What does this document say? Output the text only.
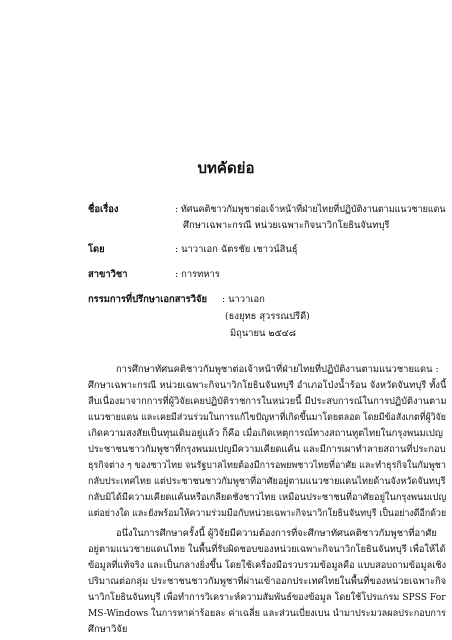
บทคัดย่อ
ชื่อเรื่อง	: ทัศนคติชาวกัมพูชาต่อเจ้าหน้าที่ฝ่ายไทยที่ปฏิบัติงานตามแนวชายแดน
ศึกษาเฉพาะกรณี หน่วยเฉพาะกิจนาวิกโยธินจันทบุรี
โดย	: นาวาเอก ฉัตรชัย เชาวน์สินธุ์
สาขาวิชา	: การทหาร
กรรมการที่ปรึกษาเอกสารวิจัย : นาวาเอก
(ธงยุทธ สุวรรณปรีดี)
มิถุนายน ๒๕๔๘
การศึกษาทัศนคติชาวกัมพูชาต่อเจ้าหน้าที่ฝ่ายไทยที่ปฏิบัติงานตามแนวชายแดน :
ศึกษาเฉพาะกรณี หน่วยเฉพาะกิจนาวิกโยธินจันทบุรี อำเภอโป่งน้ำร้อน จังหวัดจันทบุรี ทั้งนี้
สืบเนื่องมาจากการที่ผู้วิจัยเคยปฏิบัติราชการในหน่วยนี้ มีประสบการณ์ในการปฏิบัติงานตาม
แนวชายแดน และเคยมีส่วนร่วมในการแก้ไขปัญหาที่เกิดขึ้นมาโดยตลอด โดยมีข้อสังเกตที่ผู้วิจัย
เกิดความสงสัยเป็นทุนเดิมอยู่แล้ว ก็คือ เมื่อเกิดเหตุการณ์ทางสถานทูตไทยในกรุงพนมเปญ
ประชาชนชาวกัมพูชาที่กรุงพนมเปญมีความเคียดแค้น และมีการเผาทำลายสถานที่ประกอบ
ธุรกิจต่าง ๆ ของชาวไทย จนรัฐบาลไทยต้องมีการอพยพชาวไทยที่อาศัย และทำธุรกิจในกัมพูชา
กลับประเทศไทย แต่ประชาชนชาวกัมพูชาที่อาศัยอยู่ตามแนวชายแดนไทยด้านจังหวัดจันทบุรี
กลับมิได้มีความเคียดแค้นหรือเกลียดชังชาวไทย เหมือนประชาชนที่อาศัยอยู่ในกรุงพนมเปญ
แต่อย่างใด และยังพร้อมให้ความร่วมมือกับหน่วยเฉพาะกิจนาวิกโยธินจันทบุรี เป็นอย่างดีอีกด้วย
อนึ่งในการศึกษาครั้งนี้ ผู้วิจัยมีความต้องการที่จะศึกษาทัศนคติชาวกัมพูชาที่อาศัย
อยู่ตามแนวชายแดนไทย ในพื้นที่รับผิดชอบของหน่วยเฉพาะกิจนาวิกโยธินจันทบุรี เพื่อให้ได้
ข้อมูลที่แท้จริง และเป็นกลางยิ่งขึ้น โดยใช้เครื่องมือรวบรวมข้อมูลคือ แบบสอบถามข้อมูลเชิง
ปริมาณต่อกลุ่ม ประชาชนชาวกัมพูชาที่ผ่านเข้าออกประเทศไทยในพื้นที่ของหน่วยเฉพาะกิจ
นาวิกโยธินจันทบุรี เพื่อทำการวิเคราะห์ความสัมพันธ์ของข้อมูล โดยใช้โปรแกรม SPSS For
MS-Windows ในการหาค่าร้อยละ ค่าเฉลี่ย และส่วนเบี่ยงเบน นำมาประมวลผลประกอบการ
ศึกษาวิจัย
